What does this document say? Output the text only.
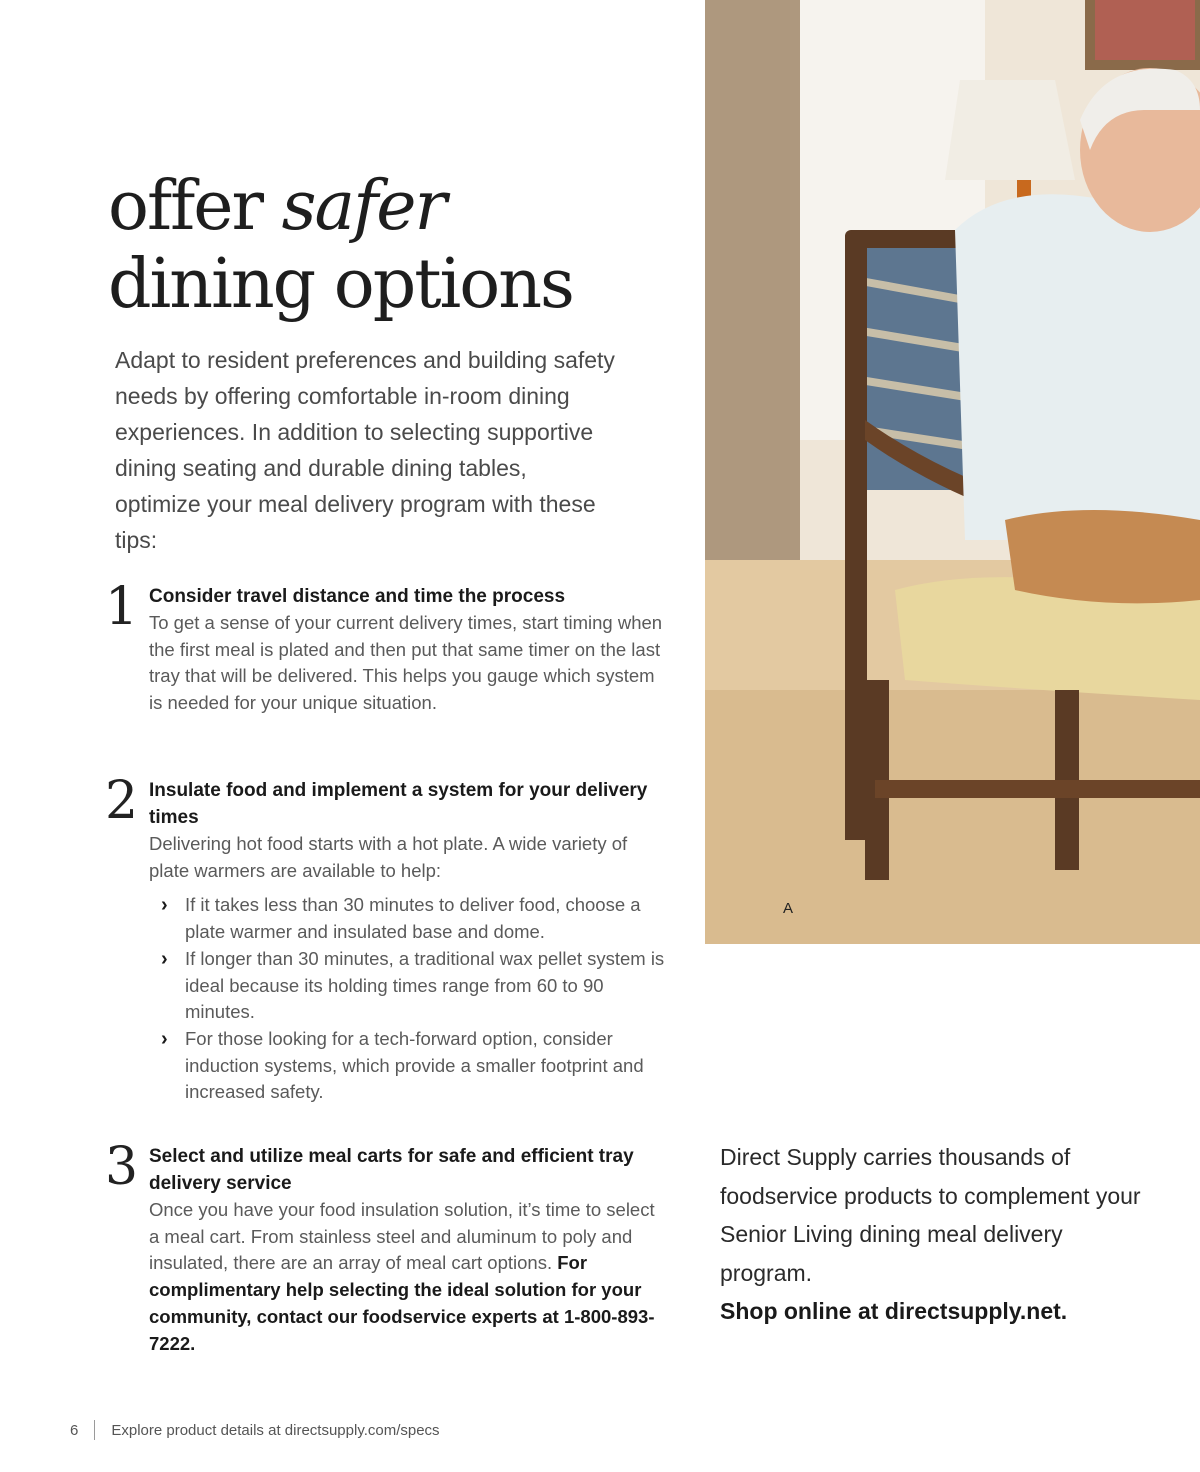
offer safer
dining options

Adapt to resident preferences and building safety needs by offering comfortable in-room dining experiences. In addition to selecting supportive dining seating and durable dining tables, optimize your meal delivery program with these tips:

1 Consider travel distance and time the process

To get a sense of your current delivery times, start timing when the first meal is plated and then put that same timer on the last tray that will be delivered. This helps you gauge which system is needed for your unique situation.

2 Insulate food and implement a system for your delivery times

Delivering hot food starts with a hot plate. A wide variety of plate warmers are available to help:

› If it takes less than 30 minutes to deliver food, choose a plate warmer and insulated base and dome.
› If longer than 30 minutes, a traditional wax pellet system is ideal because its holding times range from 60 to 90 minutes.
› For those looking for a tech-forward option, consider induction systems, which provide a smaller footprint and increased safety.
3 Select and utilize meal carts for safe and efficient tray delivery service

Once you have your food insulation solution, it’s time to select a meal cart. From stainless steel and aluminum to poly and insulated, there are an array of meal cart options. For complimentary help selecting the ideal solution for your community, contact our foodservice experts at 1-800-893-7222.

A

Direct Supply carries thousands of foodservice products to complement your Senior Living dining meal delivery program.
Shop online at directsupply.net.

6 Explore product details at directsupply.com/specs
